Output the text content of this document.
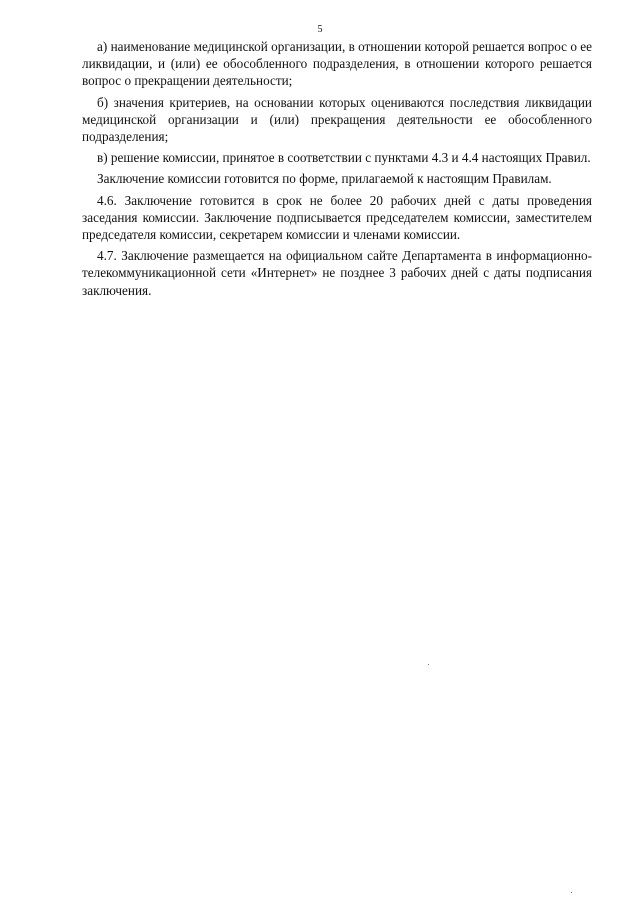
5

а) наименование медицинской организации, в отношении которой решается вопрос о ее ликвидации, и (или) ее обособленного подразделения, в отношении которого решается вопрос о прекращении деятельности;

б) значения критериев, на основании которых оцениваются последствия ликвидации медицинской организации и (или) прекращения деятельности ее обособленного подразделения;

в) решение комиссии, принятое в соответствии с пунктами 4.3 и 4.4 настоящих Правил.

Заключение комиссии готовится по форме, прилагаемой к настоящим Правилам.

4.6. Заключение готовится в срок не более 20 рабочих дней с даты проведения заседания комиссии. Заключение подписывается председателем комиссии, заместителем председателя комиссии, секретарем комиссии и членами комиссии.

4.7. Заключение размещается на официальном сайте Департамента в информационно-телекоммуникационной сети «Интернет» не позднее 3 рабочих дней с даты подписания заключения.
